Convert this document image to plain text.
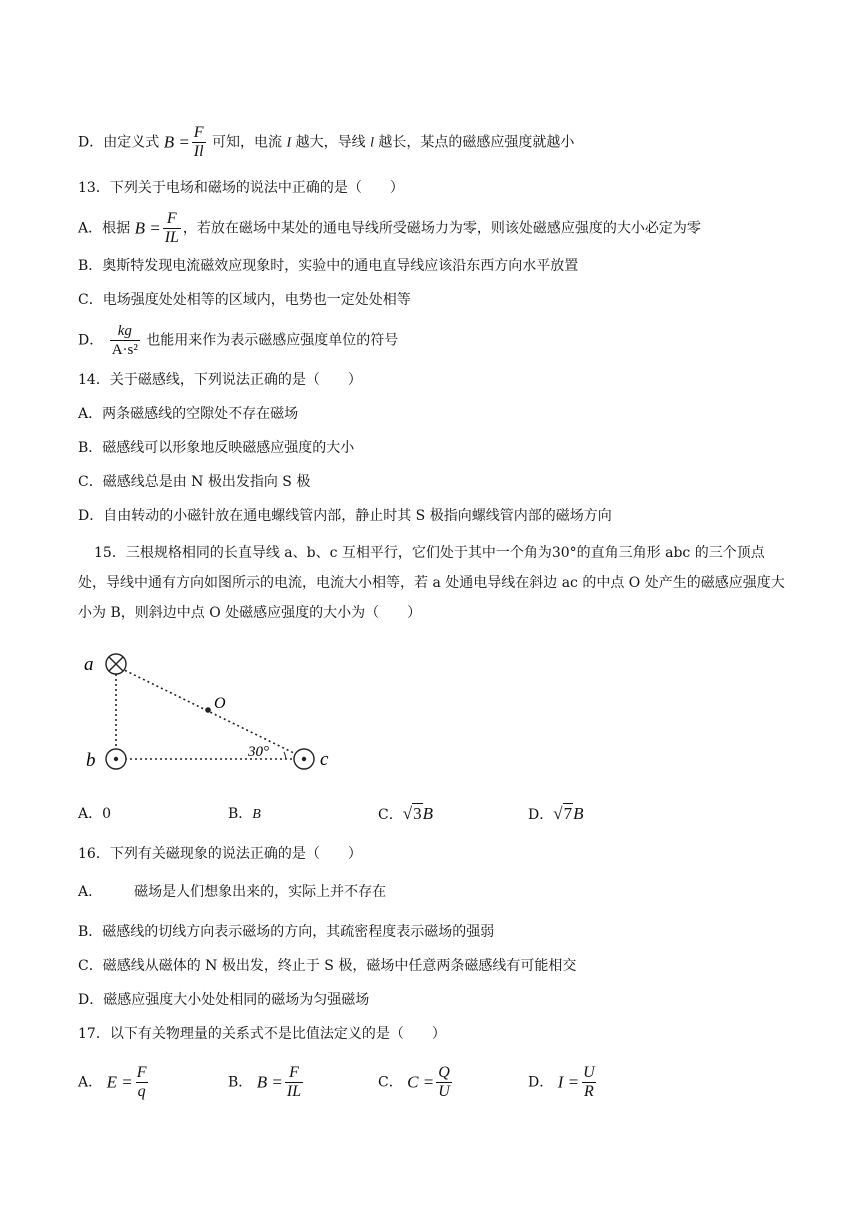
D．由定义式 $B = \frac{F}{Il}$ 可知，电流 I 越大，导线 l 越长，某点的磁感应强度就越小
13．下列关于电场和磁场的说法中正确的是（　　）
A．根据 $B = \frac{F}{IL}$ ，若放在磁场中某处的通电导线所受磁场力为零，则该处磁感应强度的大小必定为零
B．奥斯特发现电流磁效应现象时，实验中的通电直导线应该沿东西方向水平放置
C．电场强度处处相等的区域内，电势也一定处处相等
D． $\frac{kg}{\text{A·s²}}$ 也能用来作为表示磁感应强度单位的符号
14．关于磁感线，下列说法正确的是（　　）
A．两条磁感线的空隙处不存在磁场
B．磁感线可以形象地反映磁感应强度的大小
C．磁感线总是由 N 极出发指向 S 极
D．自由转动的小磁针放在通电螺线管内部，静止时其 S 极指向螺线管内部的磁场方向
15．三根规格相同的长直导线 a、b、c 互相平行，它们处于其中一个角为30°的直角三角形 abc 的三个顶点处，导线中通有方向如图所示的电流，电流大小相等，若 a 处通电导线在斜边 ac 的中点 O 处产生的磁感应强度大小为 B，则斜边中点 O 处磁感应强度的大小为（　　）
a
b	c
O
30°
A．0	B．B	C．√3B	D．√7B
16．下列有关磁现象的说法正确的是（　　）
A． 磁场是人们想象出来的，实际上并不存在
B．磁感线的切线方向表示磁场的方向，其疏密程度表示磁场的强弱
C．磁感线从磁体的 N 极出发，终止于 S 极，磁场中任意两条磁感线有可能相交
D．磁感应强度大小处处相同的磁场为匀强磁场
17．以下有关物理量的关系式不是比值法定义的是（　　）
A． $E = \frac{F}{q}$	B． $B = \frac{F}{IL}$	C． $C = \frac{Q}{U}$	D． $I = \frac{U}{R}$
